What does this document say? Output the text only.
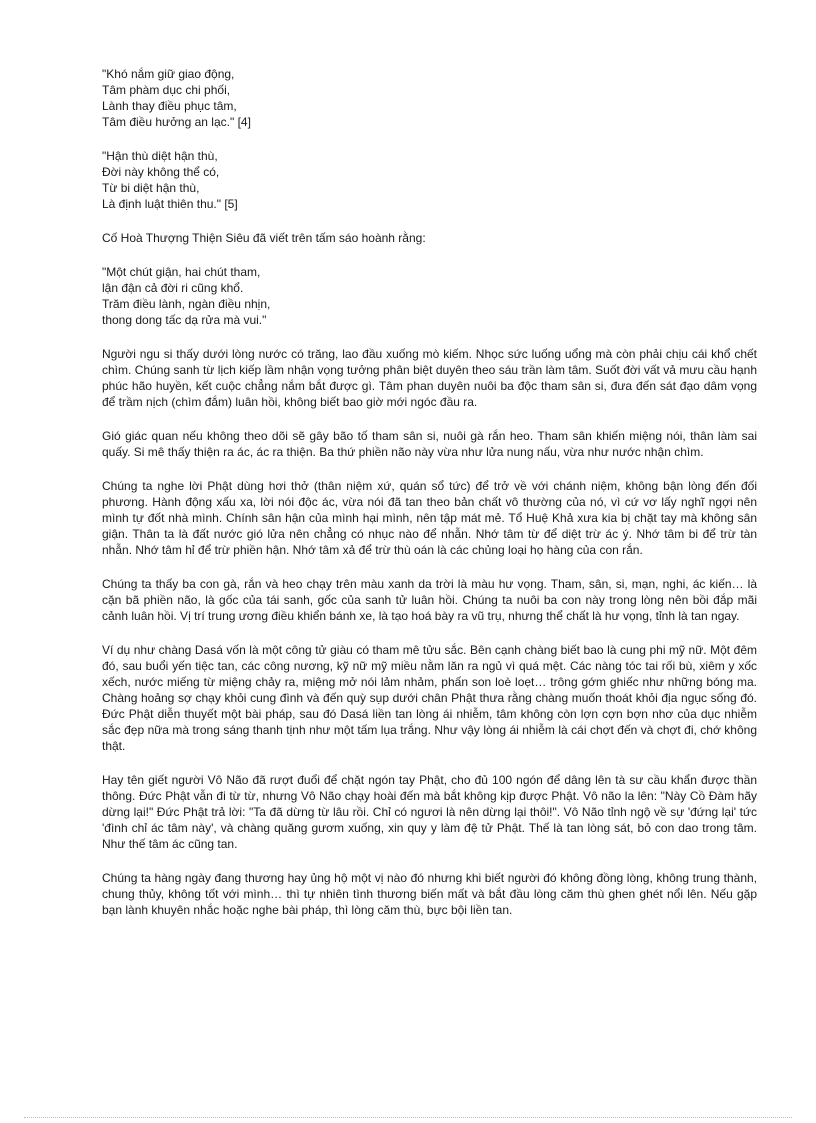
"Khó nắm giữ giao động,
Tâm phàm dục chi phối,
Lành thay điều phục tâm,
Tâm điều hưởng an lạc." [4]
"Hận thù diệt hận thù,
Đời này không thể có,
Từ bi diệt hận thù,
Là định luật thiên thu." [5]

Cố Hoà Thượng Thiện Siêu đã viết trên tấm sáo hoành rằng:

"Một chút giận, hai chút tham,
lận đận cả đời ri cũng khổ.
Trăm điều lành, ngàn điều nhịn,
thong dong tấc dạ rửa mà vui."

Người ngu si thấy dưới lòng nước có trăng, lao đầu xuống mò kiếm. Nhọc sức luống uổng mà còn phải chịu cái khổ chết chìm. Chúng sanh từ lịch kiếp lầm nhận vọng tưởng phân biệt duyên theo sáu trần làm tâm. Suốt đời vất vả mưu cầu hạnh phúc hão huyền, kết cuộc chẳng nắm bắt được gì. Tâm phan duyên nuôi ba độc tham sân si, đưa đến sát đạo dâm vọng để trầm nịch (chìm đắm) luân hồi, không biết bao giờ mới ngóc đầu ra.

Gió giác quan nếu không theo dõi sẽ gây bão tố tham sân si, nuôi gà rắn heo. Tham sân khiến miệng nói, thân làm sai quấy. Si mê thấy thiện ra ác, ác ra thiện. Ba thứ phiền não này vừa như lửa nung nấu, vừa như nước nhận chìm.

Chúng ta nghe lời Phật dùng hơi thở (thân niệm xứ, quán sổ tức) để trở về với chánh niệm, không bận lòng đến đối phương. Hành động xấu xa, lời nói độc ác, vừa nói đã tan theo bản chất vô thường của nó, vì cứ vơ lấy nghĩ ngợi nên mình tự đốt nhà mình. Chính sân hận của mình hại mình, nên tập mát mẻ. Tổ Huệ Khả xưa kia bị chặt tay mà không sân giận. Thân ta là đất nước gió lửa nên chẳng có nhục nào để nhẫn. Nhớ tâm từ để diệt trừ ác ý. Nhớ tâm bi để trừ tàn nhẫn. Nhớ tâm hỉ để trừ phiền hận. Nhớ tâm xả để trừ thù oán là các chủng loại họ hàng của con rắn.

Chúng ta thấy ba con gà, rắn và heo chạy trên màu xanh da trời là màu hư vọng. Tham, sân, si, mạn, nghi, ác kiến… là cặn bã phiền não, là gốc của tái sanh, gốc của sanh tử luân hồi. Chúng ta nuôi ba con này trong lòng nên bồi đắp mãi cảnh luân hồi. Vị trí trung ương điều khiển bánh xe, là tạo hoá bày ra vũ trụ, nhưng thể chất là hư vọng, tỉnh là tan ngay.

Ví dụ như chàng Dasá vốn là một công tử giàu có tham mê tửu sắc. Bên cạnh chàng biết bao là cung phi mỹ nữ. Một đêm đó, sau buổi yến tiệc tan, các công nương, kỹ nữ mỹ miều nằm lăn ra ngủ vì quá mệt. Các nàng tóc tai rối bù, xiêm y xốc xếch, nước miếng từ miệng chảy ra, miệng mở nói lảm nhảm, phấn son loè loẹt… trông gớm ghiếc như những bóng ma. Chàng hoảng sợ chạy khỏi cung đình và đến quỳ sụp dưới chân Phật thưa rằng chàng muốn thoát khỏi địa ngục sống đó. Đức Phật diễn thuyết một bài pháp, sau đó Dasá liền tan lòng ái nhiễm, tâm không còn lợn cợn bợn nhơ của dục nhiễm sắc đẹp nữa mà trong sáng thanh tịnh như một tấm lụa trắng. Như vậy lòng ái nhiễm là cái chợt đến và chợt đi, chớ không thật.

Hay tên giết người Vô Não đã rượt đuổi để chặt ngón tay Phật, cho đủ 100 ngón để dâng lên tà sư cầu khẩn được thần thông. Đức Phật vẫn đi từ từ, nhưng Vô Não chạy hoài đến mà bắt không kịp được Phật. Vô não la lên: "Này Cồ Đàm hãy dừng lại!" Đức Phật trả lời: "Ta đã dừng từ lâu rồi. Chỉ có ngươi là nên dừng lại thôi!". Vô Não tỉnh ngộ về sự 'đứng lại' tức 'đình chỉ ác tâm này', và chàng quăng gươm xuống, xin quy y làm đệ tử Phật. Thế là tan lòng sát, bỏ con dao trong tâm. Như thế tâm ác cũng tan.

Chúng ta hàng ngày đang thương hay ủng hộ một vị nào đó nhưng khi biết người đó không đồng lòng, không trung thành, chung thủy, không tốt với mình… thì tự nhiên tình thương biến mất và bắt đầu lòng căm thù ghen ghét nổi lên. Nếu gặp bạn lành khuyên nhắc hoặc nghe bài pháp, thì lòng căm thù, bực bội liền tan.
